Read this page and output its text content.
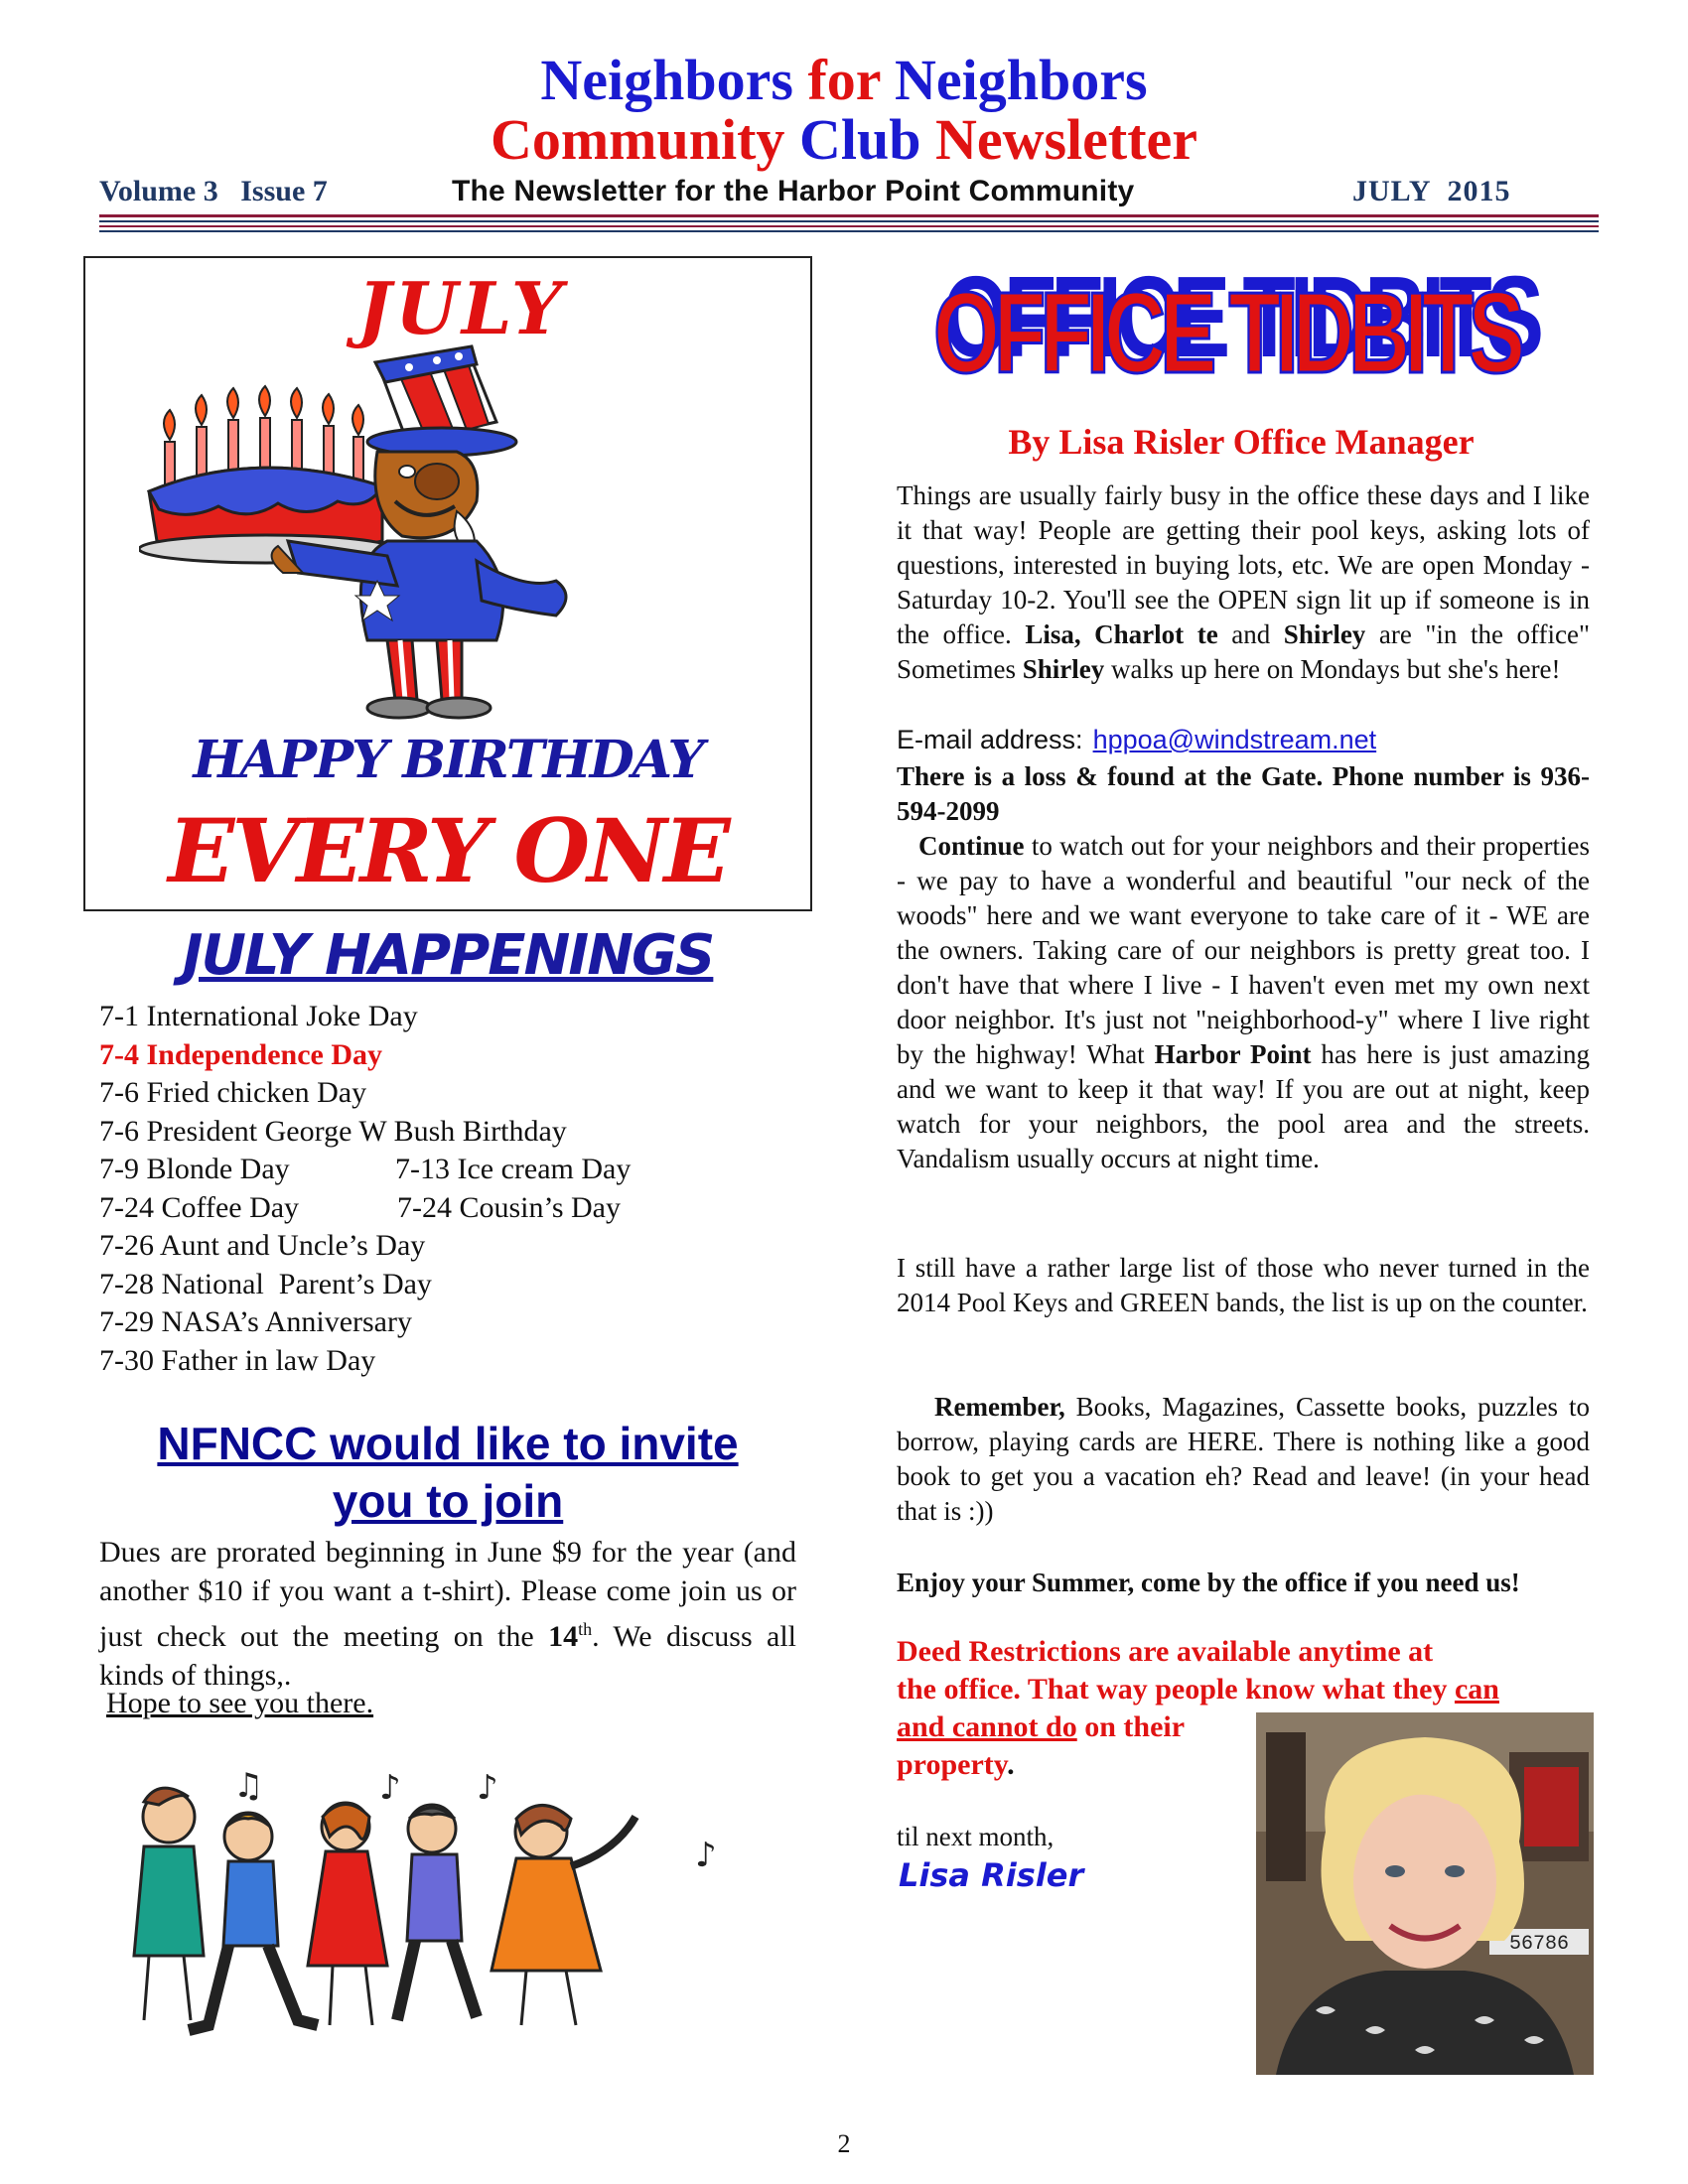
Neighbors for Neighbors
Community Club Newsletter
Volume 3   Issue 7	The Newsletter for the Harbor Point Community	JULY  2015
JULY
HAPPY BIRTHDAY
EVERY ONE
JULY HAPPENINGS
7-1 International Joke Day
7-4 Independence Day
7-6 Fried chicken Day
7-6 President George W Bush Birthday
7-9 Blonde Day	7-13 Ice cream Day
7-24 Coffee Day	7-24 Cousin’s Day
7-26 Aunt and Uncle’s Day
7-28 National  Parent’s Day
7-29 NASA’s Anniversary
7-30 Father in law Day
NFNCC would like to invite
you to join
Dues are prorated beginning in June $9 for the year (and another $10 if you want a t-shirt). Please come join us or just check out the meeting on the 14th. We discuss all kinds of things,.
Hope to see you there.
♫	♪ ♪
♪
OFFICE TIDBITS
OFFICE TIDBITS
By Lisa Risler Office Manager
Things are usually fairly busy in the office these days and I like it that way! People are getting their pool keys, asking lots of questions, interested in buying lots, etc. We are open Monday - Saturday 10-2. You'll see the OPEN sign lit up if someone is in the office. Lisa, Charlot te and Shirley are "in the office" Sometimes Shirley walks up here on Mondays but she's here!
E-mail address: hppoa@windstream.net
There is a loss & found at the Gate. Phone number is 936-594-2099
Continue to watch out for your neighbors and their properties - we pay to have a wonderful and beautiful "our neck of the woods" here and we want everyone to take care of it - WE are the owners. Taking care of our neighbors is pretty great too. I don't have that where I live - I haven't even met my own next door neighbor. It's just not "neighborhood-y" where I live right by the highway! What Harbor Point has here is just amazing and we want to keep it that way! If you are out at night, keep watch for your neighbors, the pool area and the streets. Vandalism usually occurs at night time.
I still have a rather large list of those who never turned in the 2014 Pool Keys and GREEN bands, the list is up on the counter.
Remember, Books, Magazines, Cassette books, puzzles to borrow, playing cards are HERE. There is nothing like a good book to get you a vacation eh? Read and leave! (in your head that is :))
Enjoy your Summer, come by the office if you need us!
Deed Restrictions are available anytime at
the office. That way people know what they can
and cannot do on their
property.
til next month,
Lisa Risler
56786
2
